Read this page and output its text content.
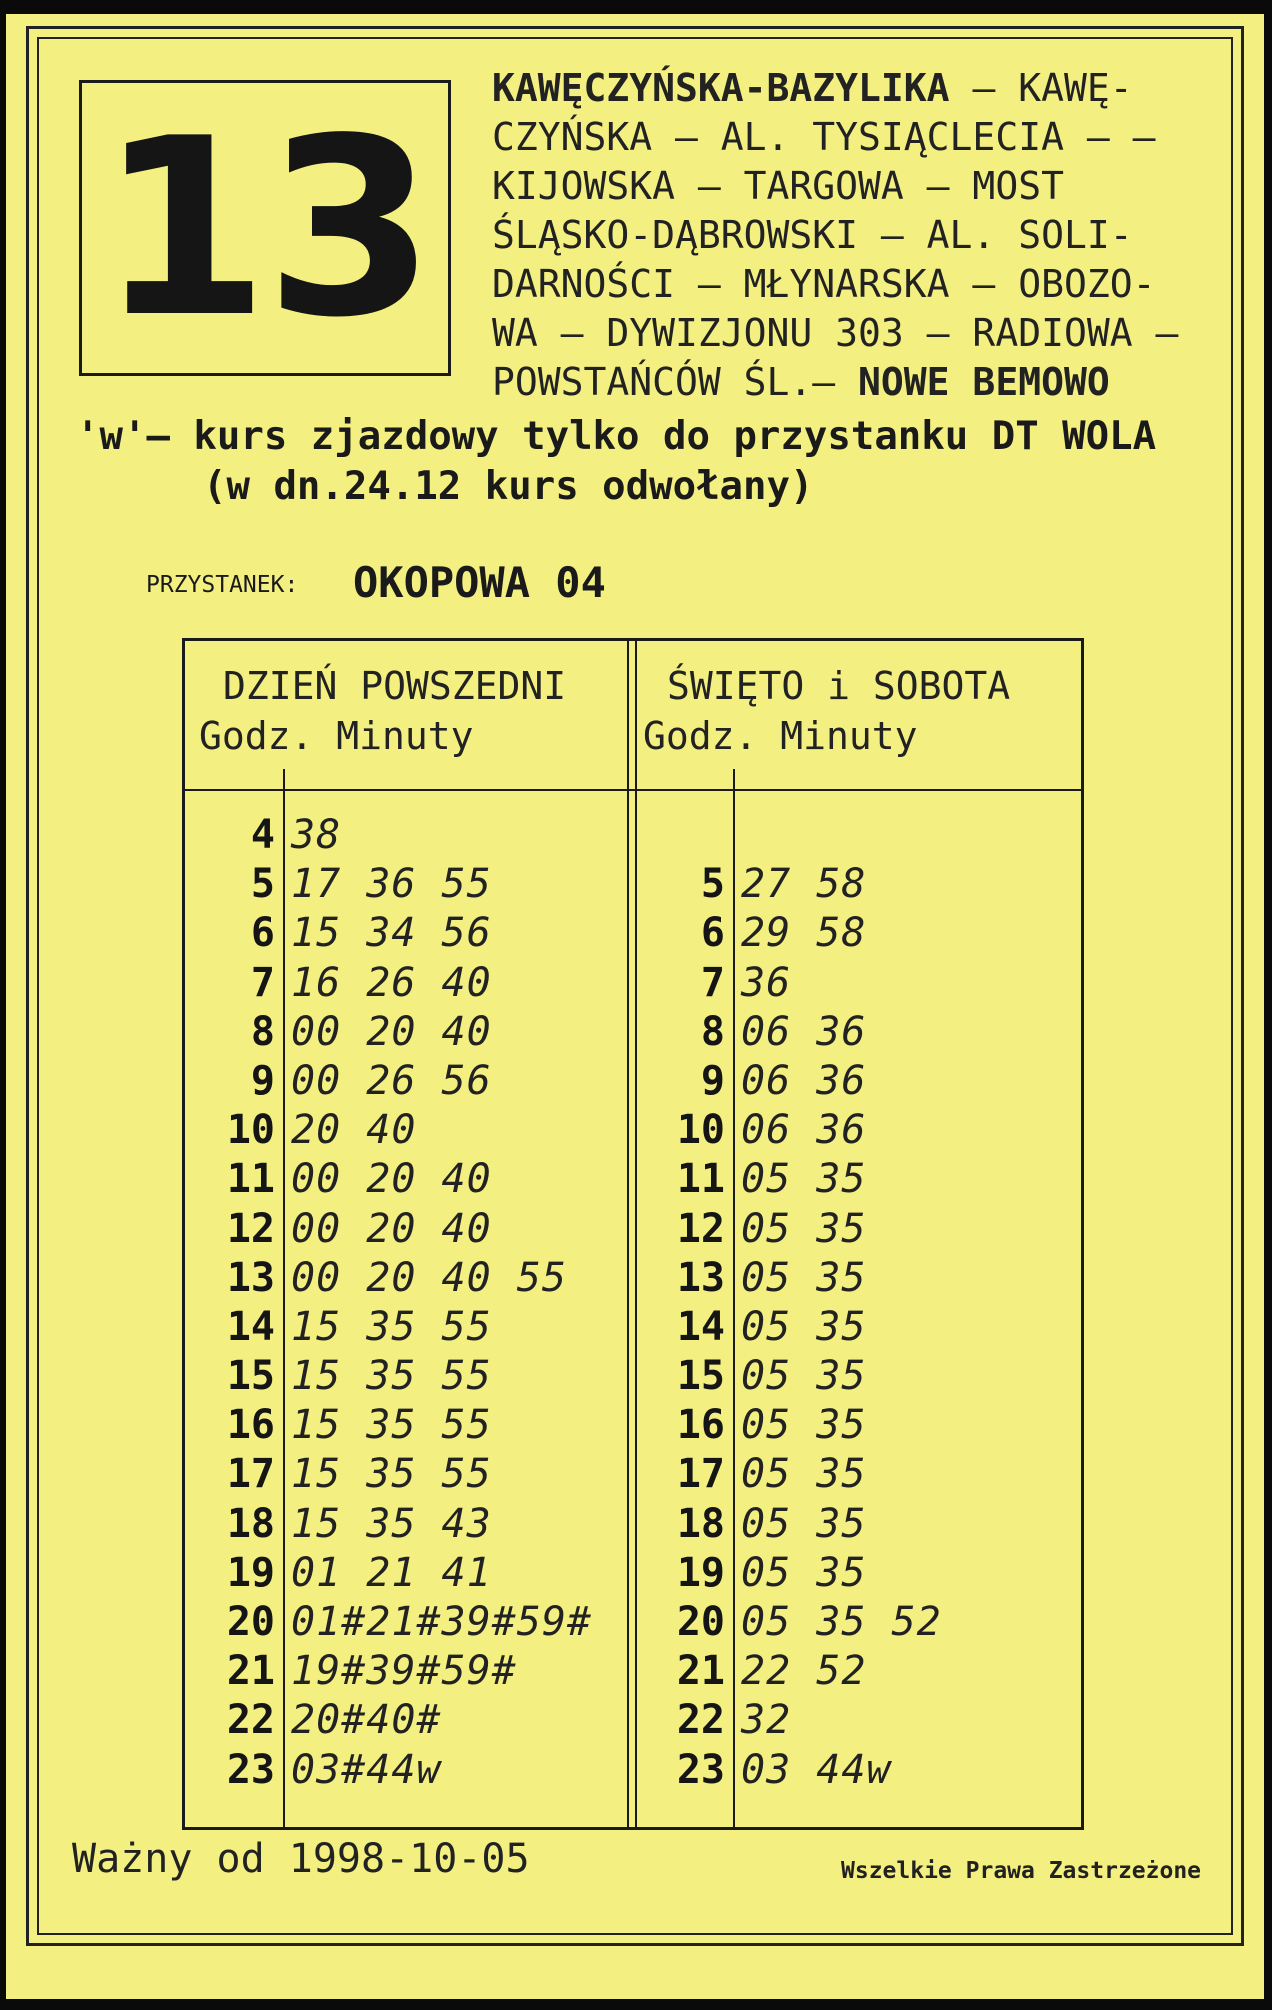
13 KAWĘCZYŃSKA-BAZYLIKA – KAWĘ- CZYŃSKA – AL. TYSIĄCLECIA – – KIJOWSKA – TARGOWA – MOST ŚLĄSKO-DĄBROWSKI – AL. SOLI- DARNOŚCI – MŁYNARSKA – OBOZO- WA – DYWIZJONU 303 – RADIOWA – POWSTAŃCÓW ŚL.– NOWE BEMOWO
'w'– kurs zjazdowy tylko do przystanku DT WOLA
(w dn.24.12 kurs odwołany)
PRZYSTANEK: OKOPOWA 04
DZIEŃ POWSZEDNI
Godz. Minuty
ŚWIĘTO i SOBOTA
Godz. Minuty
4 38
5 17 36 55
6 15 34 56
7 16 26 40
8 00 20 40
9 00 26 56
10 20 40
11 00 20 40
12 00 20 40
13 00 20 40 55
14 15 35 55
15 15 35 55
16 15 35 55
17 15 35 55
18 15 35 43
19 01 21 41
20 01#21#39#59#
21 19#39#59#
22 20#40#
23 03#44w
5 27 58
6 29 58
7 36
8 06 36
9 06 36
10 06 36
11 05 35
12 05 35
13 05 35
14 05 35
15 05 35
16 05 35
17 05 35
18 05 35
19 05 35
20 05 35 52
21 22 52
22 32
23 03 44w
Ważny od 1998-10-05	Wszelkie Prawa Zastrzeżone
